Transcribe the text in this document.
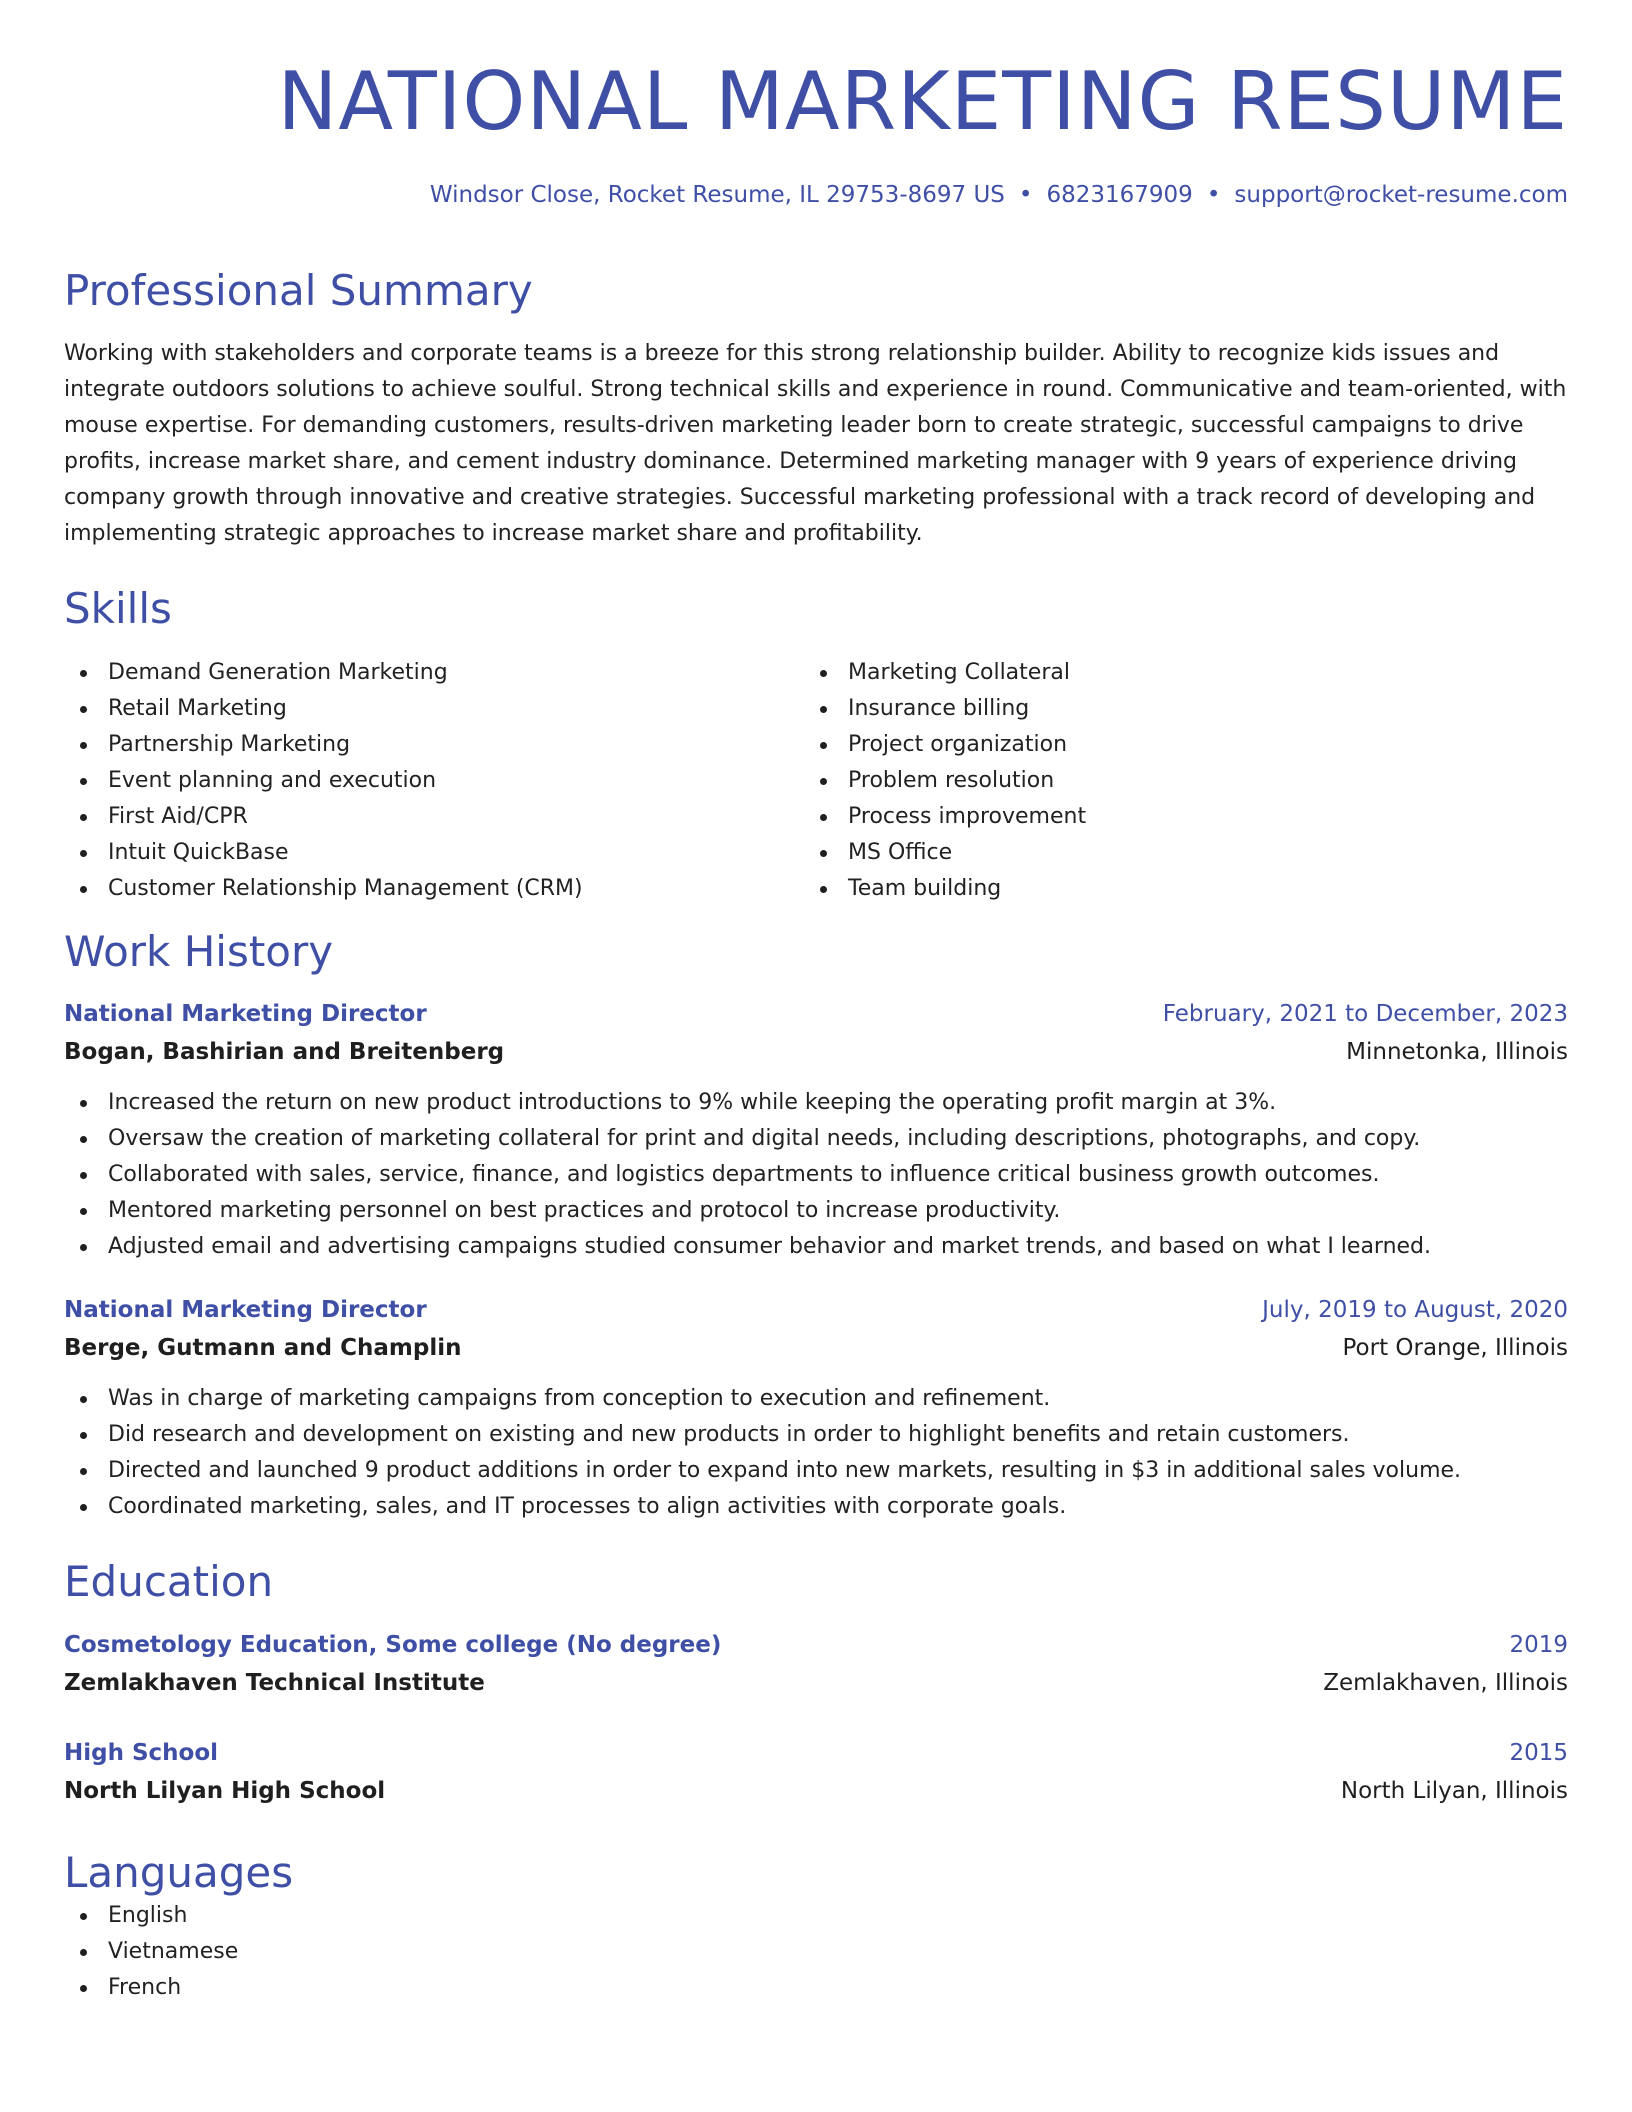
NATIONAL MARKETING RESUME
Windsor Close, Rocket Resume, IL 29753-8697 US • 6823167909 • support@rocket-resume.com
Professional Summary
Working with stakeholders and corporate teams is a breeze for this strong relationship builder. Ability to recognize kids issues and integrate outdoors solutions to achieve soulful. Strong technical skills and experience in round. Communicative and team-oriented, with mouse expertise. For demanding customers, results-driven marketing leader born to create strategic, successful campaigns to drive profits, increase market share, and cement industry dominance. Determined marketing manager with 9 years of experience driving company growth through innovative and creative strategies. Successful marketing professional with a track record of developing and implementing strategic approaches to increase market share and profitability.
Skills
Demand Generation Marketing
Retail Marketing
Partnership Marketing
Event planning and execution
First Aid/CPR
Intuit QuickBase
Customer Relationship Management (CRM)
Marketing Collateral
Insurance billing
Project organization
Problem resolution
Process improvement
MS Office
Team building
Work History
National Marketing Director	February, 2021 to December, 2023
Bogan, Bashirian and Breitenberg	Minnetonka, Illinois
Increased the return on new product introductions to 9% while keeping the operating profit margin at 3%.
Oversaw the creation of marketing collateral for print and digital needs, including descriptions, photographs, and copy.
Collaborated with sales, service, finance, and logistics departments to influence critical business growth outcomes.
Mentored marketing personnel on best practices and protocol to increase productivity.
Adjusted email and advertising campaigns studied consumer behavior and market trends, and based on what I learned.
National Marketing Director	July, 2019 to August, 2020
Berge, Gutmann and Champlin	Port Orange, Illinois
Was in charge of marketing campaigns from conception to execution and refinement.
Did research and development on existing and new products in order to highlight benefits and retain customers.
Directed and launched 9 product additions in order to expand into new markets, resulting in $3 in additional sales volume.
Coordinated marketing, sales, and IT processes to align activities with corporate goals.
Education
Cosmetology Education, Some college (No degree)	2019
Zemlakhaven Technical Institute	Zemlakhaven, Illinois
High School	2015
North Lilyan High School	North Lilyan, Illinois
Languages
English
Vietnamese
French
